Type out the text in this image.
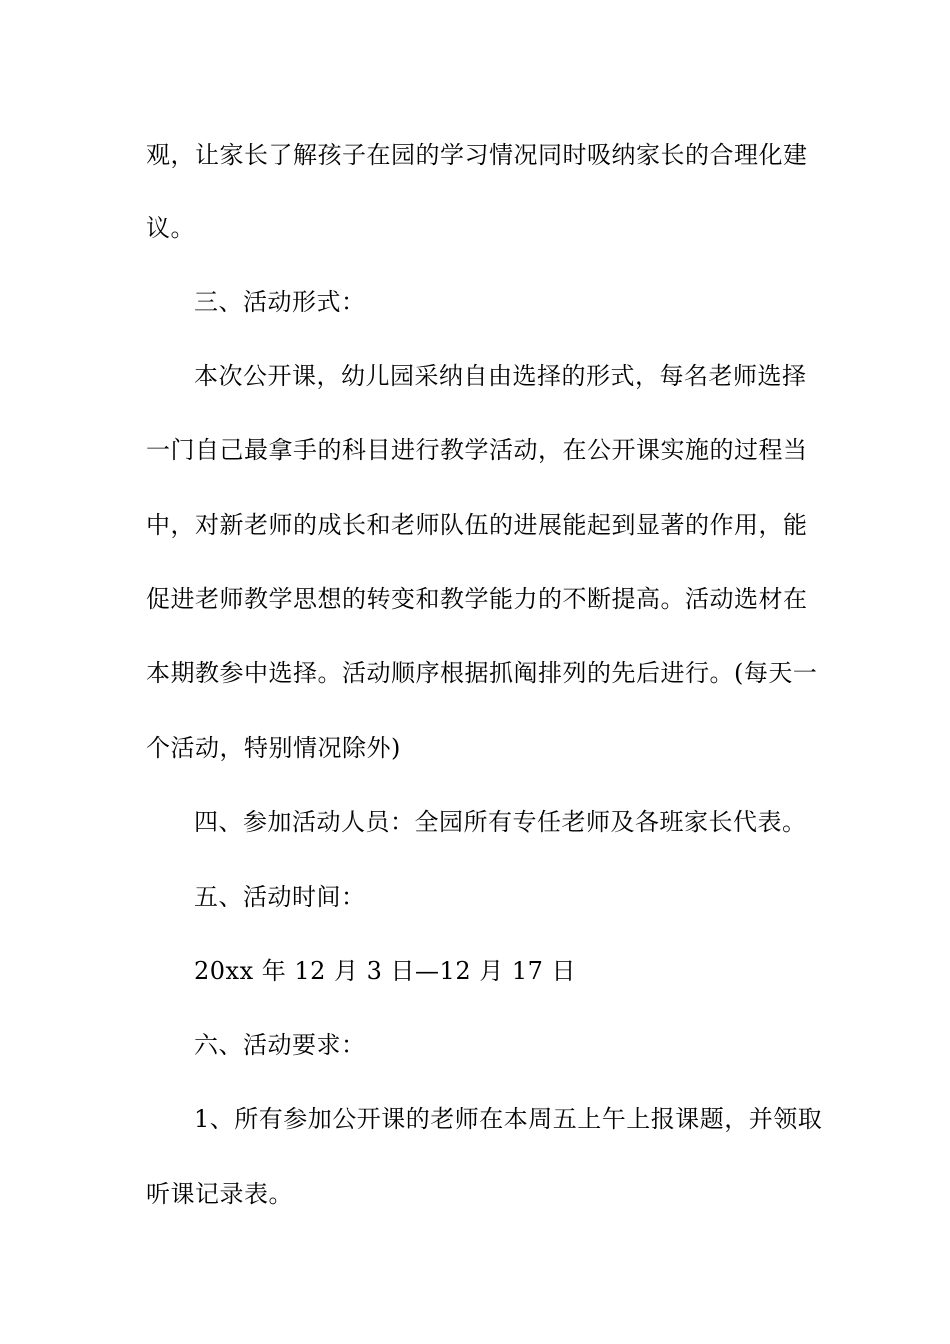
观，让家长了解孩子在园的学习情况同时吸纳家长的合理化建
议。
三、活动形式：
本次公开课，幼儿园采纳自由选择的形式，每名老师选择
一门自己最拿手的科目进行教学活动，在公开课实施的过程当
中，对新老师的成长和老师队伍的进展能起到显著的作用，能
促进老师教学思想的转变和教学能力的不断提高。活动选材在
本期教参中选择。活动顺序根据抓阄排列的先后进行。(每天一
个活动，特别情况除外)
四、参加活动人员：全园所有专任老师及各班家长代表。
五、活动时间：
20xx 年 12 月 3 日—12 月 17 日
六、活动要求：
1、所有参加公开课的老师在本周五上午上报课题，并领取
听课记录表。
